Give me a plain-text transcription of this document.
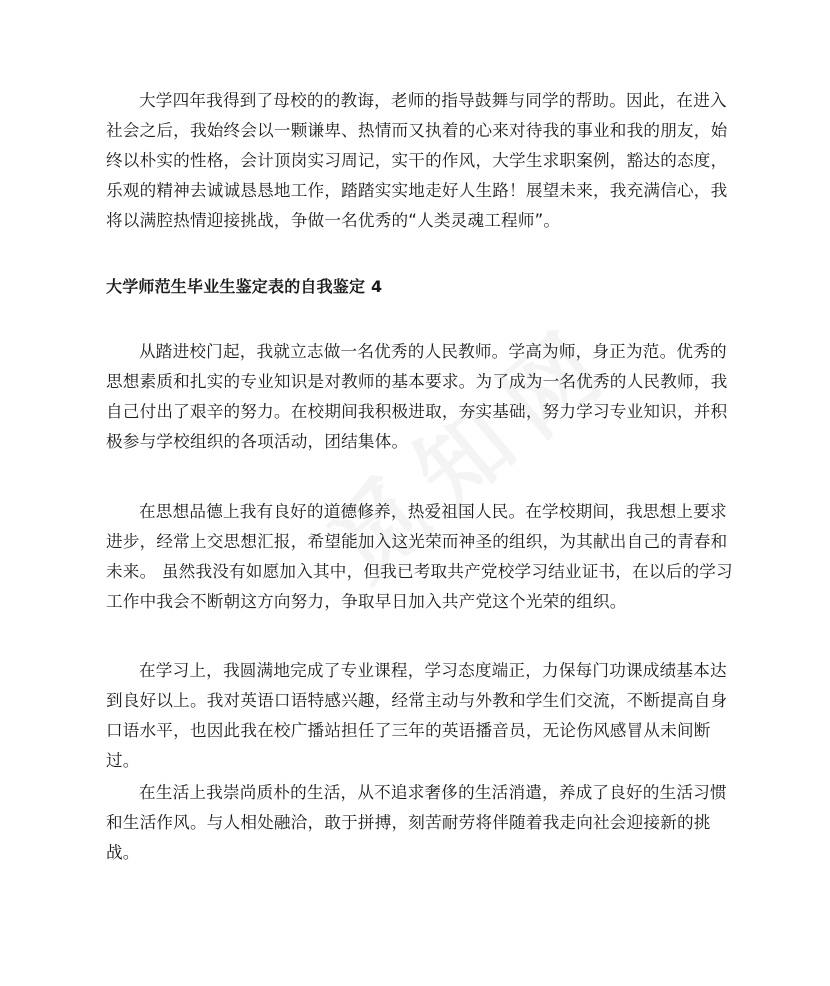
大学四年我得到了母校的的教诲，老师的指导鼓舞与同学的帮助。因此，在进入社会之后，我始终会以一颗谦卑、热情而又执着的心来对待我的事业和我的朋友，始终以朴实的性格，会计顶岗实习周记，实干的作风，大学生求职案例，豁达的态度，乐观的精神去诚诚恳恳地工作，踏踏实实地走好人生路！展望未来，我充满信心，我将以满腔热情迎接挑战，争做一名优秀的“人类灵魂工程师”。

大学师范生毕业生鉴定表的自我鉴定 4

从踏进校门起，我就立志做一名优秀的人民教师。学高为师，身正为范。优秀的思想素质和扎实的专业知识是对教师的基本要求。为了成为一名优秀的人民教师，我自己付出了艰辛的努力。在校期间我积极进取，夯实基础，努力学习专业知识，并积极参与学校组织的各项活动，团结集体。

在思想品德上我有良好的道德修养，热爱祖国人民。在学校期间，我思想上要求进步，经常上交思想汇报，希望能加入这光荣而神圣的组织，为其献出自己的青春和未来。 虽然我没有如愿加入其中，但我已考取共产党校学习结业证书，在以后的学习工作中我会不断朝这方向努力，争取早日加入共产党这个光荣的组织。

在学习上，我圆满地完成了专业课程，学习态度端正，力保每门功课成绩基本达到良好以上。我对英语口语特感兴趣，经常主动与外教和学生们交流，不断提高自身口语水平，也因此我在校广播站担任了三年的英语播音员，无论伤风感冒从未间断过。

在生活上我崇尚质朴的生活，从不追求奢侈的生活消遣，养成了良好的生活习惯和生活作风。与人相处融洽，敢于拼搏，刻苦耐劳将伴随着我走向社会迎接新的挑战。
